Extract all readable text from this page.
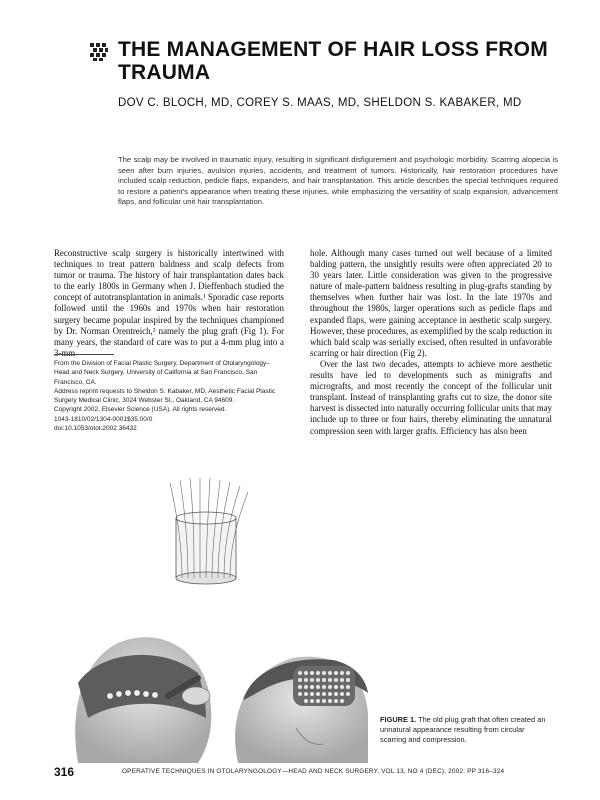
THE MANAGEMENT OF HAIR LOSS FROM
TRAUMA

DOV C. BLOCH, MD, COREY S. MAAS, MD, SHELDON S. KABAKER, MD

The scalp may be involved in traumatic injury, resulting in significant disfigurement and psychologic morbidity. Scarring alopecia is seen after burn injuries, avulsion injuries, accidents, and treatment of tumors. Historically, hair restoration procedures have included scalp reduction, pedicle flaps, expanders, and hair transplantation. This article describes the special techniques required to restore a patient's appearance when treating these injuries, while emphasizing the versatility of scalp expansion, advancement flaps, and follicular unit hair transplantation.

Reconstructive scalp surgery is historically intertwined with techniques to treat pattern baldness and scalp defects from tumor or trauma. The history of hair transplantation dates back to the early 1800s in Germany when J. Dieffenbach studied the concept of autotransplantation in animals.¹ Sporadic case reports followed until the 1960s and 1970s when hair restoration surgery became popular inspired by the techniques championed by Dr. Norman Orentreich,² namely the plug graft (Fig 1). For many years, the standard of care was to put a 4-mm plug into a 3-mm

hole. Although many cases turned out well because of a limited balding pattern, the unsightly results were often appreciated 20 to 30 years later. Little consideration was given to the progressive nature of male-pattern baldness resulting in plug-grafts standing by themselves when further hair was lost. In the late 1970s and throughout the 1980s, larger operations such as pedicle flaps and expanded flaps, were gaining acceptance in aesthetic scalp surgery. However, these procedures, as exemplified by the scalp reduction in which bald scalp was serially excised, often resulted in unfavorable scarring or hair direction (Fig 2).

Over the last two decades, attempts to achieve more aesthetic results have led to developments such as minigrafts and micrografts, and most recently the concept of the follicular unit transplant. Instead of transplanting grafts cut to size, the donor site harvest is dissected into naturally occurring follicular units that may include up to three or four hairs, thereby eliminating the unnatural compression seen with larger grafts. Efficiency has also been

From the Division of Facial Plastic Surgery, Department of Otolaryngology–Head and Neck Surgery, University of California at San Francisco, San Francisco, CA.

Address reprint requests to Sheldon S. Kabaker, MD, Aesthetic Facial Plastic Surgery Medical Clinic, 3024 Webster St., Oakland, CA 94609.

Copyright 2002, Elsevier Science (USA). All rights reserved.

1043-1810/02/1304-0001$35.00/0

doi:10.1053/otot.2002.36432

FIGURE 1. The old plug graft that often created an unnatural appearance resulting from circular scarring and compression.

316	OPERATIVE TECHNIQUES IN OTOLARYNGOLOGY—HEAD AND NECK SURGERY, VOL 13, NO 4 (DEC), 2002: PP 316–324
